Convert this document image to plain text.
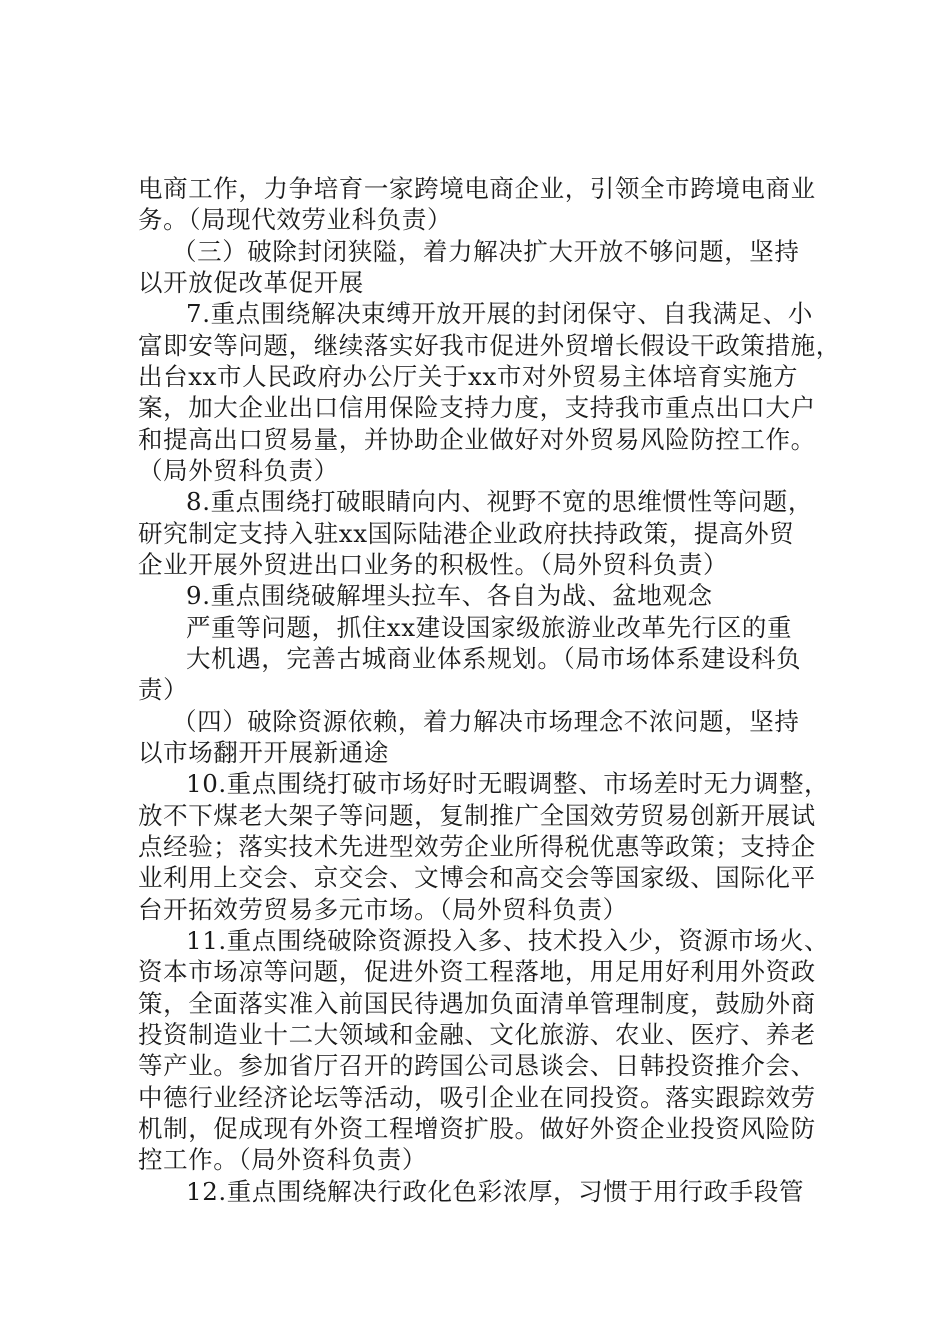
电商工作，力争培育一家跨境电商企业，引领全市跨境电商业
务。（局现代效劳业科负责）
（三）破除封闭狭隘，着力解决扩大开放不够问题，坚持
以开放促改革促开展
7.重点围绕解决束缚开放开展的封闭保守、自我满足、小
富即安等问题，继续落实好我市促进外贸增长假设干政策措施，
出台xx市人民政府办公厅关于xx市对外贸易主体培育实施方
案，加大企业出口信用保险支持力度，支持我市重点出口大户
和提高出口贸易量，并协助企业做好对外贸易风险防控工作。
（局外贸科负责）
8.重点围绕打破眼睛向内、视野不宽的思维惯性等问题，
研究制定支持入驻xx国际陆港企业政府扶持政策，提高外贸
企业开展外贸进出口业务的积极性。（局外贸科负责）
9.重点围绕破解埋头拉车、各自为战、盆地观念
严重等问题，抓住xx建设国家级旅游业改革先行区的重
大机遇，完善古城商业体系规划。（局市场体系建设科负
责）
（四）破除资源依赖，着力解决市场理念不浓问题，坚持
以市场翻开开展新通途
10.重点围绕打破市场好时无暇调整、市场差时无力调整，
放不下煤老大架子等问题，复制推广全国效劳贸易创新开展试
点经验；落实技术先进型效劳企业所得税优惠等政策；支持企
业利用上交会、京交会、文博会和高交会等国家级、国际化平
台开拓效劳贸易多元市场。（局外贸科负责）
11.重点围绕破除资源投入多、技术投入少，资源市场火、
资本市场凉等问题，促进外资工程落地，用足用好利用外资政
策，全面落实准入前国民待遇加负面清单管理制度，鼓励外商
投资制造业十二大领域和金融、文化旅游、农业、医疗、养老
等产业。参加省厅召开的跨国公司恳谈会、日韩投资推介会、
中德行业经济论坛等活动，吸引企业在同投资。落实跟踪效劳
机制，促成现有外资工程增资扩股。做好外资企业投资风险防
控工作。（局外资科负责）
12.重点围绕解决行政化色彩浓厚，习惯于用行政手段管
